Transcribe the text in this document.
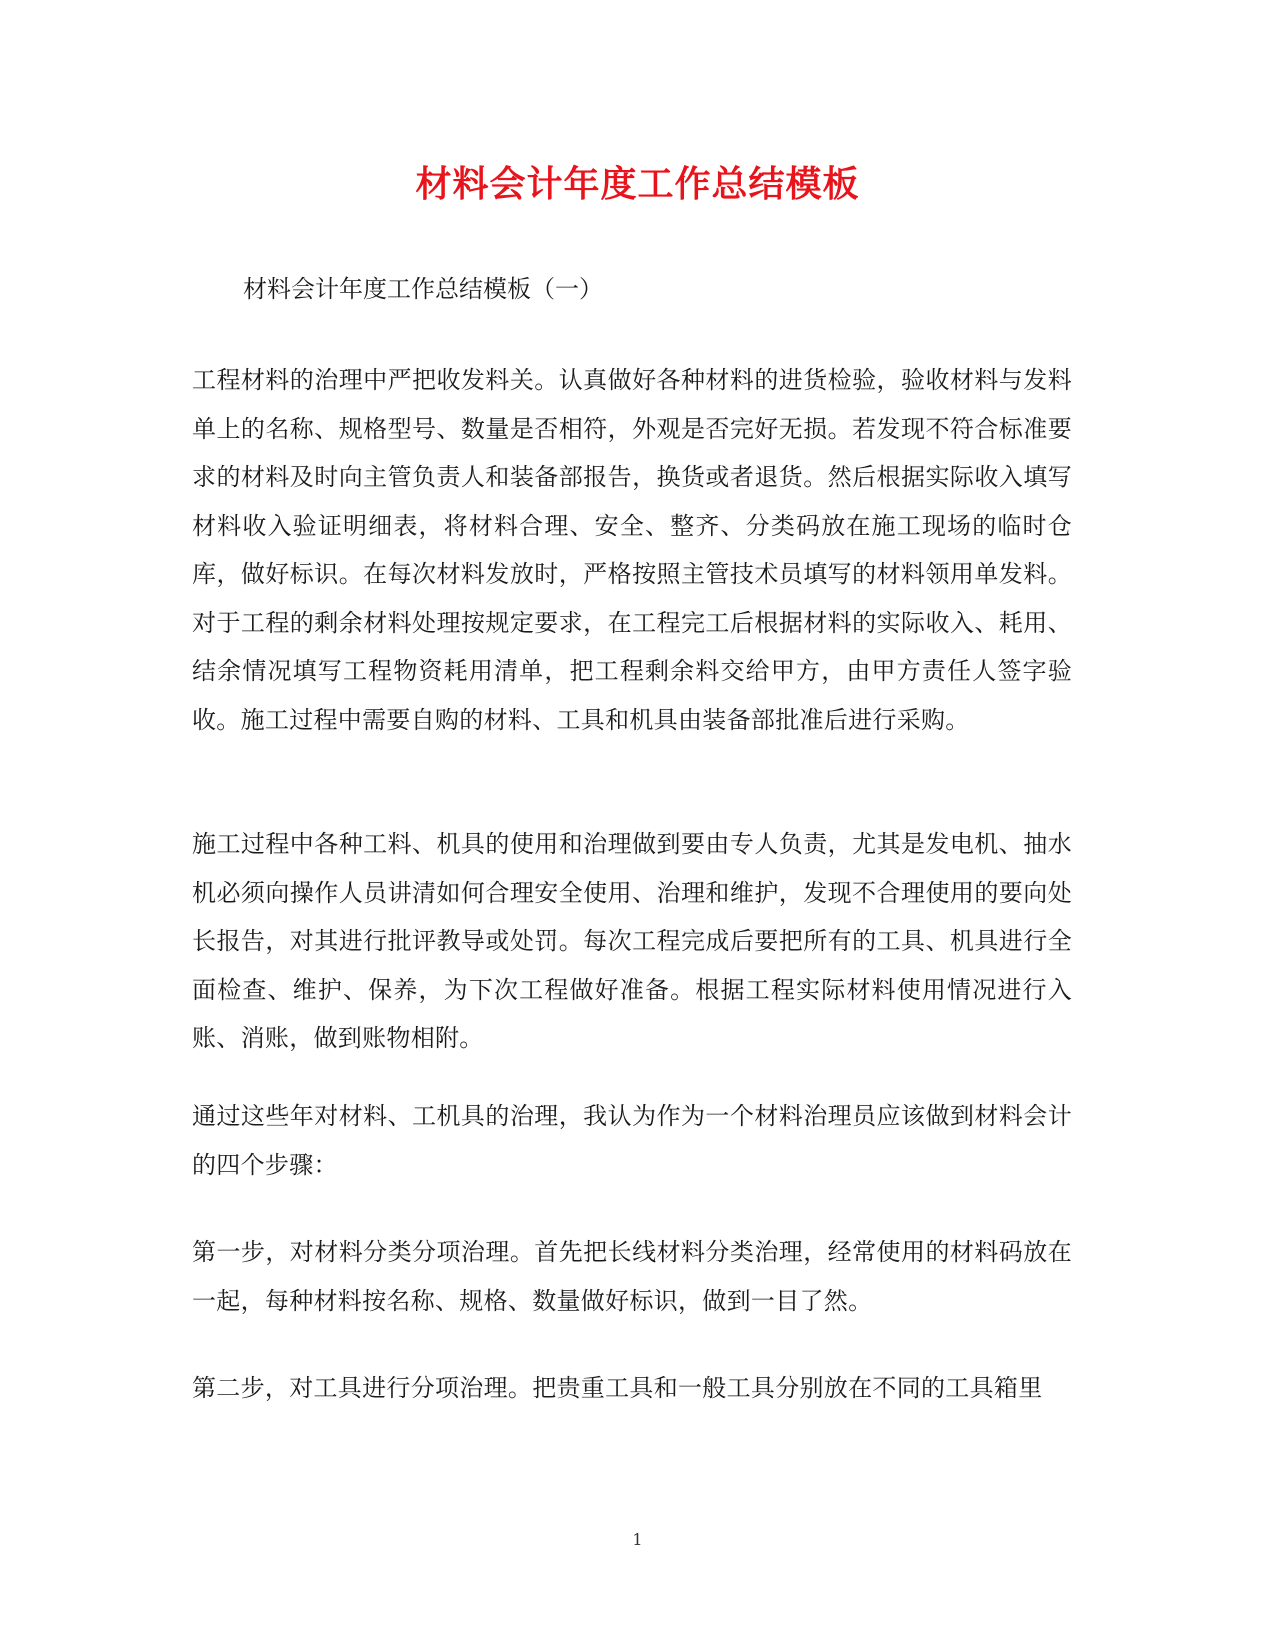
材料会计年度工作总结模板

材料会计年度工作总结模板（一）

工程材料的治理中严把收发料关。认真做好各种材料的进货检验，验收材料与发料单上的名称、规格型号、数量是否相符，外观是否完好无损。若发现不符合标准要求的材料及时向主管负责人和装备部报告，换货或者退货。然后根据实际收入填写材料收入验证明细表，将材料合理、安全、整齐、分类码放在施工现场的临时仓库，做好标识。在每次材料发放时，严格按照主管技术员填写的材料领用单发料。对于工程的剩余材料处理按规定要求，在工程完工后根据材料的实际收入、耗用、结余情况填写工程物资耗用清单，把工程剩余料交给甲方，由甲方责任人签字验收。施工过程中需要自购的材料、工具和机具由装备部批准后进行采购。

施工过程中各种工料、机具的使用和治理做到要由专人负责，尤其是发电机、抽水机必须向操作人员讲清如何合理安全使用、治理和维护，发现不合理使用的要向处长报告，对其进行批评教导或处罚。每次工程完成后要把所有的工具、机具进行全面检查、维护、保养，为下次工程做好准备。根据工程实际材料使用情况进行入账、消账，做到账物相附。

通过这些年对材料、工机具的治理，我认为作为一个材料治理员应该做到材料会计的四个步骤：

第一步，对材料分类分项治理。首先把长线材料分类治理，经常使用的材料码放在一起，每种材料按名称、规格、数量做好标识，做到一目了然。

第二步，对工具进行分项治理。把贵重工具和一般工具分别放在不同的工具箱里

1
